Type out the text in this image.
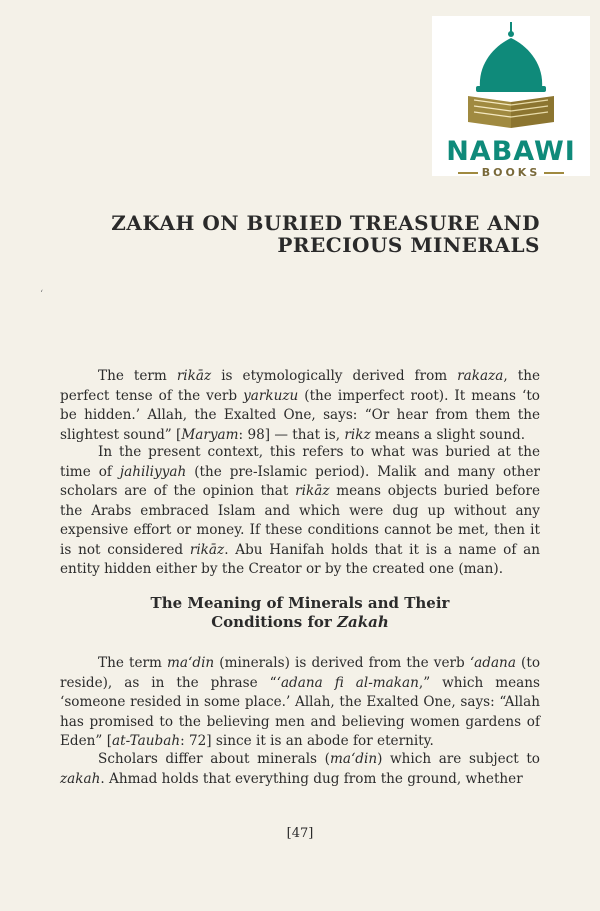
NABAWI
BOOKS
ZAKAH ON BURIED TREASURE AND
PRECIOUS MINERALS
‘

The term rikāz is etymologically derived from rakaza, the perfect tense of the verb yarkuzu (the imperfect root). It means ‘to be hidden.’ Allah, the Exalted One, says: “Or hear from them the slightest sound” [Maryam: 98] — that is, rikz means a slight sound.

In the present context, this refers to what was buried at the time of jahiliyyah (the pre-Islamic period). Malik and many other scholars are of the opinion that rikāz means objects buried before the Arabs embraced Islam and which were dug up without any expensive effort or money. If these conditions cannot be met, then it is not considered rikāz. Abu Hanifah holds that it is a name of an entity hidden either by the Creator or by the created one (man).

The Meaning of Minerals and Their
Conditions for Zakah

The term ma‘din (minerals) is derived from the verb ‘adana (to reside), as in the phrase “‘adana fi al-makan,” which means ‘someone resided in some place.’ Allah, the Exalted One, says: “Allah has promised to the believing men and believing women gardens of Eden” [at-Taubah: 72] since it is an abode for eternity.

Scholars differ about minerals (ma‘din) which are subject to zakah. Ahmad holds that everything dug from the ground, whether

[47]
